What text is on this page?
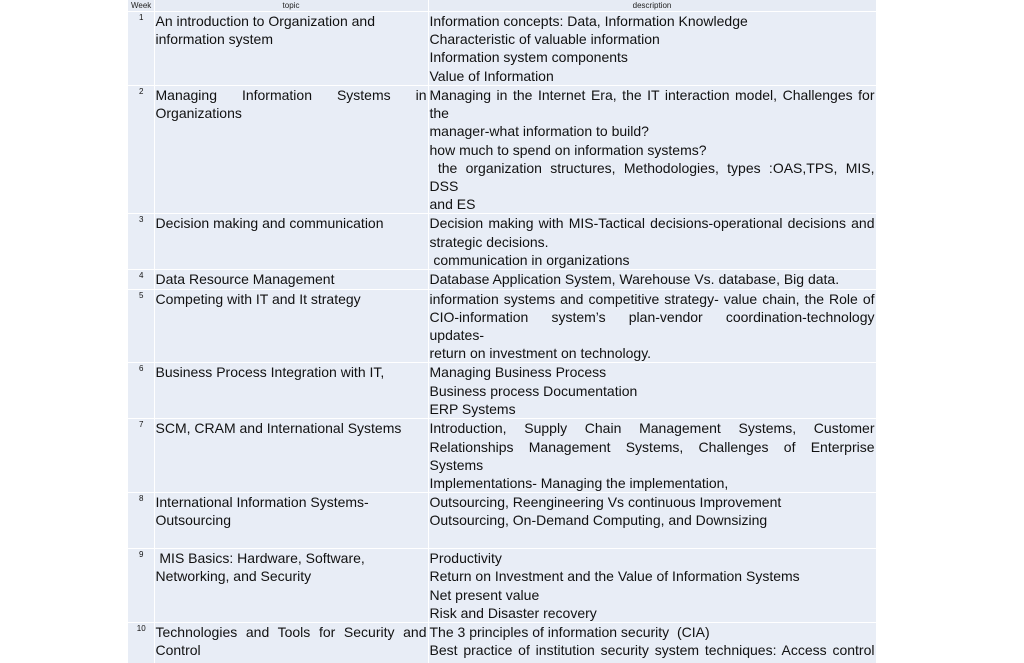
Week	topic	description
1	An introduction to Organization and
information system	Information concepts: Data, Information Knowledge
Characteristic of valuable information
Information system components
Value of Information

2	Managing Information Systems in
Organizations	Managing in the Internet Era, the IT interaction model, Challenges for the
manager-what information to build?
how much to spend on information systems?
the organization structures, Methodologies, types :OAS,TPS, MIS, DSS
and ES

3	Decision making and communication	Decision making with MIS-Tactical decisions-operational decisions and
strategic decisions.
communication in organizations

4	Data Resource Management	Database Application System, Warehouse Vs. database, Big data.

5	Competing with IT and It strategy	information systems and competitive strategy- value chain, the Role of
CIO-information system’s plan-vendor coordination-technology updates-
return on investment on technology.

6	Business Process Integration with IT,	Managing Business Process
Business process Documentation
ERP Systems

7	SCM, CRAM and International Systems	Introduction, Supply Chain Management Systems, Customer
Relationships Management Systems, Challenges of Enterprise Systems
Implementations- Managing the implementation,

8	International Information Systems-
Outsourcing	Outsourcing, Reengineering Vs continuous Improvement
Outsourcing, On-Demand Computing, and Downsizing

9	MIS Basics: Hardware, Software,
Networking, and Security	Productivity
Return on Investment and the Value of Information Systems
Net present value
Risk and Disaster recovery

10	Technologies and Tools for Security and
Control	The 3 principles of information security  (CIA)
Best practice of institution security system techniques: Access control
